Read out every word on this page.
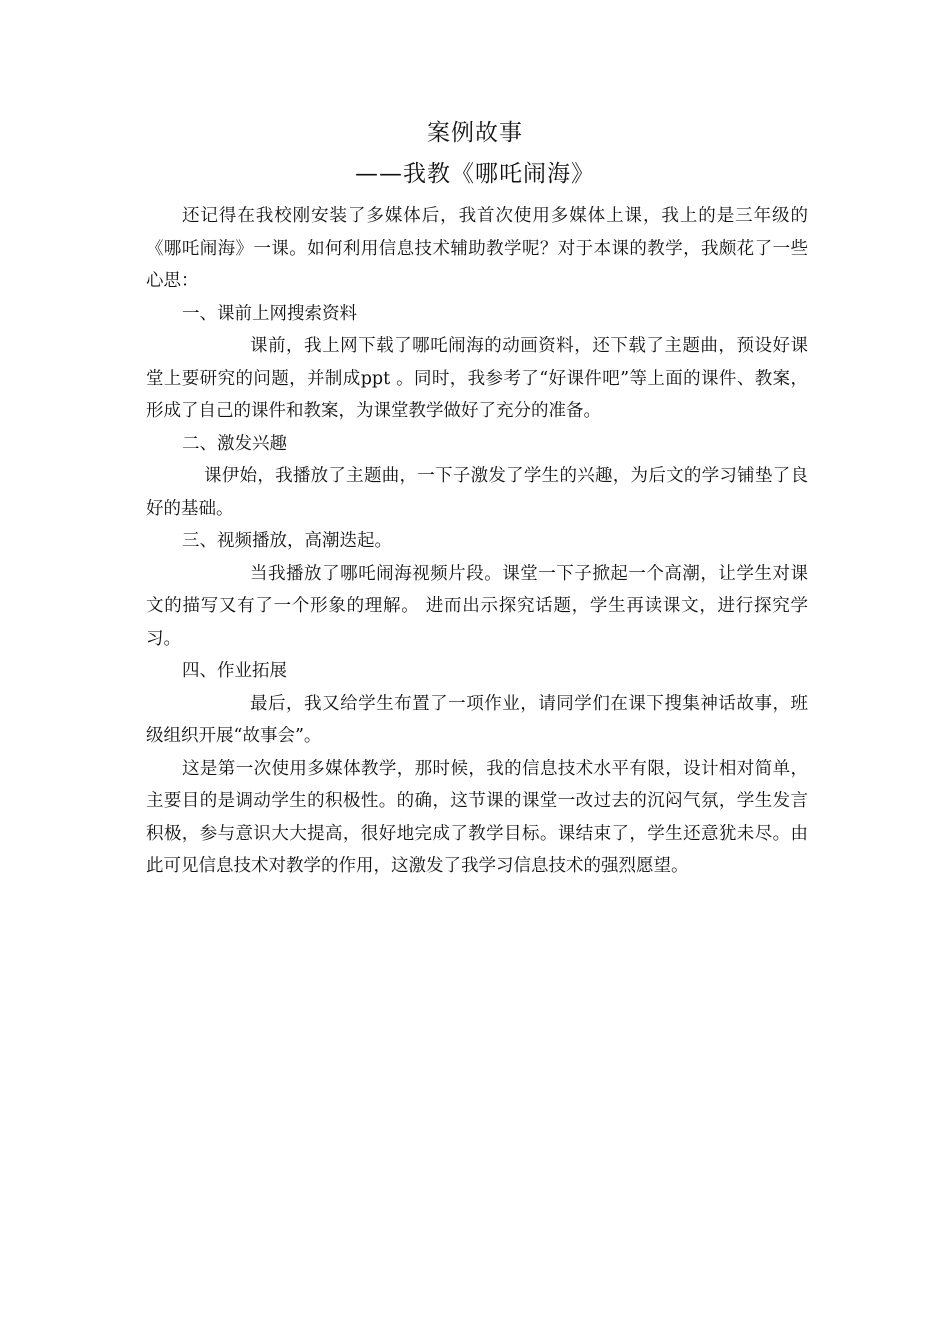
案例故事
——我教《哪吒闹海》

还记得在我校刚安装了多媒体后，我首次使用多媒体上课，我上的是三年级的《哪吒闹海》一课。如何利用信息技术辅助教学呢？对于本课的教学，我颇花了一些心思：

一、课前上网搜索资料

课前，我上网下载了哪吒闹海的动画资料，还下载了主题曲，预设好课堂上要研究的问题，并制成ppt 。同时，我参考了“好课件吧”等上面的课件、教案，形成了自己的课件和教案，为课堂教学做好了充分的准备。

二、激发兴趣

课伊始，我播放了主题曲，一下子激发了学生的兴趣，为后文的学习铺垫了良好的基础。

三、视频播放，高潮迭起。

当我播放了哪吒闹海视频片段。课堂一下子掀起一个高潮，让学生对课文的描写又有了一个形象的理解。 进而出示探究话题，学生再读课文，进行探究学习。

四、作业拓展

最后，我又给学生布置了一项作业，请同学们在课下搜集神话故事，班级组织开展“故事会”。

这是第一次使用多媒体教学，那时候，我的信息技术水平有限，设计相对简单，主要目的是调动学生的积极性。的确，这节课的课堂一改过去的沉闷气氛，学生发言积极，参与意识大大提高，很好地完成了教学目标。课结束了，学生还意犹未尽。由此可见信息技术对教学的作用，这激发了我学习信息技术的强烈愿望。
